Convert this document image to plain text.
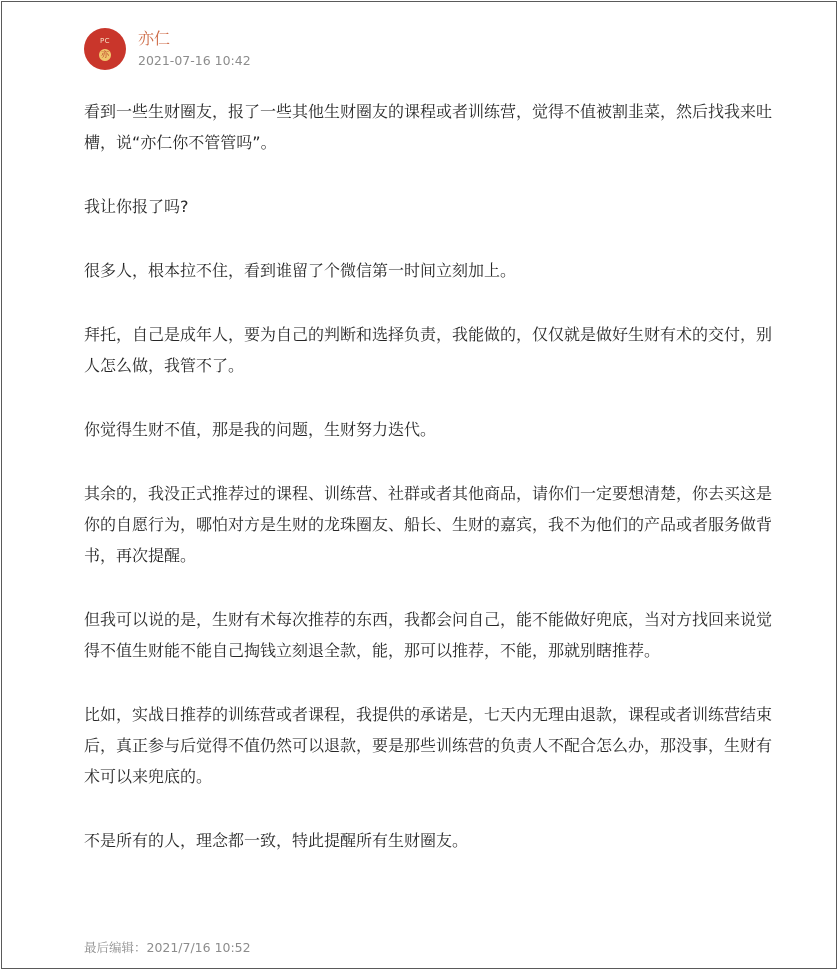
PC
亦
亦仁
2021-07-16 10:42

看到一些生财圈友，报了一些其他生财圈友的课程或者训练营，觉得不值被割韭菜，然后找我来吐槽，说“亦仁你不管管吗”。

我让你报了吗?

很多人，根本拉不住，看到谁留了个微信第一时间立刻加上。

拜托，自己是成年人，要为自己的判断和选择负责，我能做的，仅仅就是做好生财有术的交付，别人怎么做，我管不了。

你觉得生财不值，那是我的问题，生财努力迭代。

其余的，我没正式推荐过的课程、训练营、社群或者其他商品，请你们一定要想清楚，你去买这是你的自愿行为，哪怕对方是生财的龙珠圈友、船长、生财的嘉宾，我不为他们的产品或者服务做背书，再次提醒。

但我可以说的是，生财有术每次推荐的东西，我都会问自己，能不能做好兜底，当对方找回来说觉得不值生财能不能自己掏钱立刻退全款，能，那可以推荐，不能，那就别瞎推荐。

比如，实战日推荐的训练营或者课程，我提供的承诺是，七天内无理由退款，课程或者训练营结束后，真正参与后觉得不值仍然可以退款，要是那些训练营的负责人不配合怎么办，那没事，生财有术可以来兜底的。

不是所有的人，理念都一致，特此提醒所有生财圈友。

最后编辑：2021/7/16 10:52
